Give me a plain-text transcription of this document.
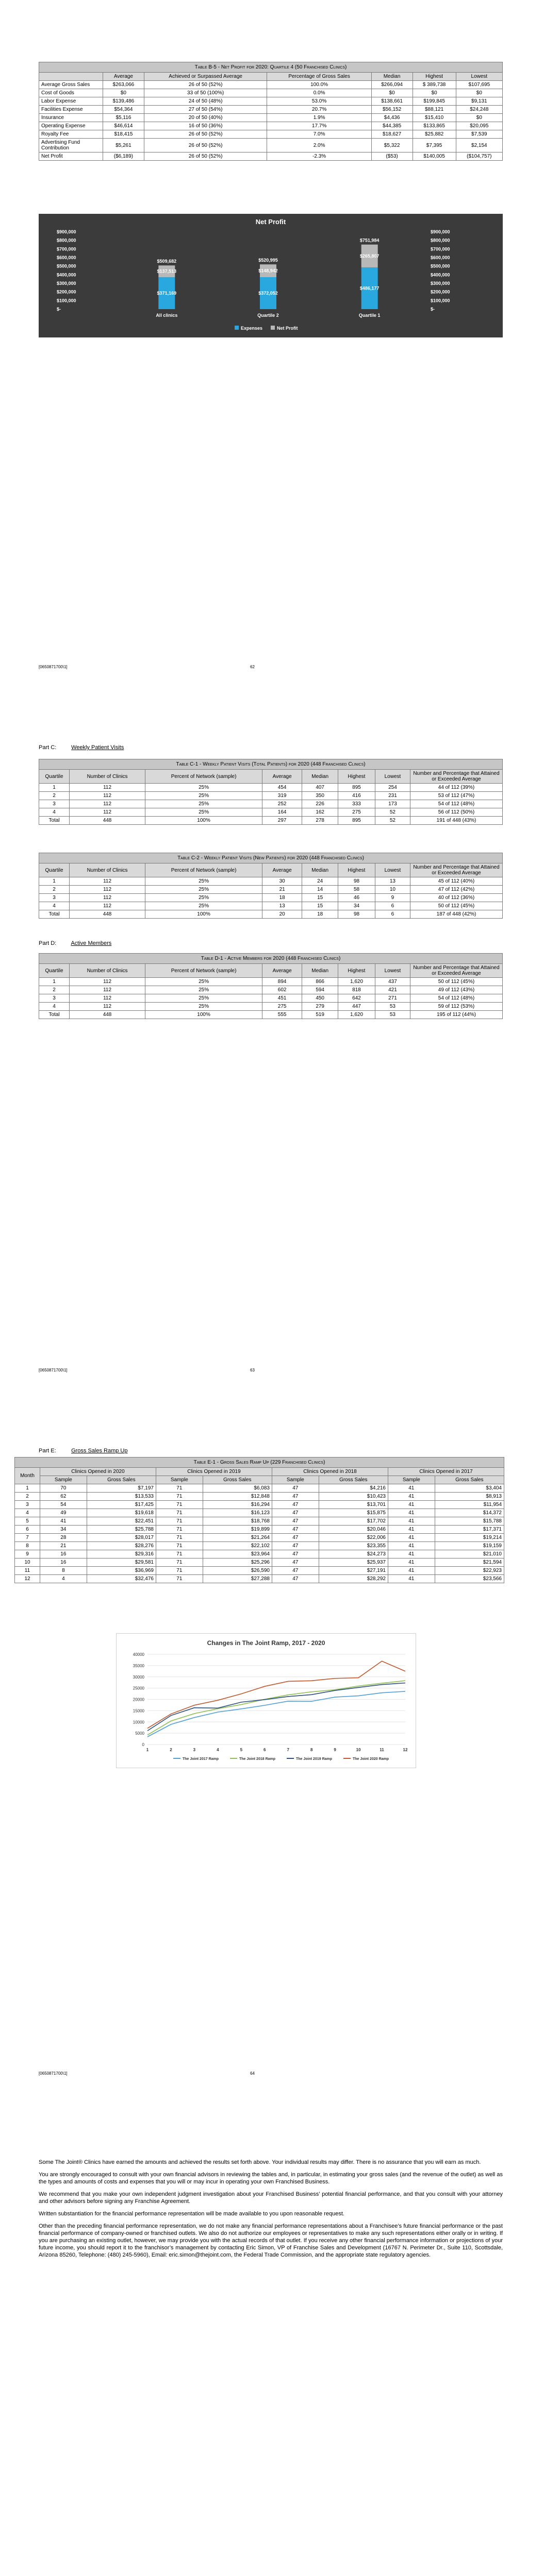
Table B-5 - Net Profit for 2020: Quartile 4 (50 Franchised Clinics)						
	Average	Achieved or Surpassed Average	Percentage of Gross Sales	Median	Highest	Lowest
Average Gross Sales	$263,066	26 of 50 (52%)	100.0%	$266,094	$ 389,738	$107,695
Cost of Goods	$0	33 of 50 (100%)	0.0%	$0	$0	$0
Labor Expense	$139,486	24 of 50 (48%)	53.0%	$138,661	$199,845	$9,131
Facilities Expense	$54,364	27 of 50 (54%)	20.7%	$56,152	$88,121	$24,248
Insurance	$5,116	20 of 50 (40%)	1.9%	$4,436	$15,410	$0
Operating Expense	$46,614	16 of 50 (36%)	17.7%	$44,385	$133,865	$20,095
Royalty Fee	$18,415	26 of 50 (52%)	7.0%	$18,627	$25,882	$7,539
Advertising Fund Contribution	$5,261	26 of 50 (52%)	2.0%	$5,322	$7,395	$2,154
Net Profit	($6,189)	26 of 50 (52%)	-2.3%	($53)	$140,005	($104,757)
Net Profit
$900,000	$900,000
$800,000	$800,000
$700,000	$700,000
$600,000	$600,000
$500,000	$500,000
$400,000	$400,000
$300,000	$300,000
$200,000	$200,000
$100,000	$100,000
$-	$-
$509,682
$137,513
$371,169
All clinics
$520,995
$148,942
$372,052
Quartile 2
$751,984
$265,807
$486,177
Quartile 1
Expenses	Net Profit
[0650871700\1]	62
Part C:	Weekly Patient Visits
Table C-1 - Weekly Patient Visits (Total Patients) for 2020 (448 Franchised Clinics)							
Quartile	Number of Clinics	Percent of Network (sample)	Average	Median	Highest	Lowest	Number and Percentage that Attained or Exceeded Average
1	112	25%	454	407	895	254	44 of 112 (39%)
2	112	25%	319	350	416	231	53 of 112 (47%)
3	112	25%	252	226	333	173	54 of 112 (48%)
4	112	25%	164	162	275	52	56 of 112 (50%)
Total	448	100%	297	278	895	52	191 of 448 (43%)
Table C-2 - Weekly Patient Visits (New Patients) for 2020 (448 Franchised Clinics)							
Quartile	Number of Clinics	Percent of Network (sample)	Average	Median	Highest	Lowest	Number and Percentage that Attained or Exceeded Average
1	112	25%	30	24	98	13	45 of 112 (40%)
2	112	25%	21	14	58	10	47 of 112 (42%)
3	112	25%	18	15	46	9	40 of 112 (36%)
4	112	25%	13	15	34	6	50 of 112 (45%)
Total	448	100%	20	18	98	6	187 of 448 (42%)
Part D:	Active Members
Table D-1 - Active Members for 2020 (448 Franchised Clinics)							
Quartile	Number of Clinics	Percent of Network (sample)	Average	Median	Highest	Lowest	Number and Percentage that Attained or Exceeded Average
1	112	25%	894	866	1,620	437	50 of 112 (45%)
2	112	25%	602	594	818	421	49 of 112 (43%)
3	112	25%	451	450	642	271	54 of 112 (48%)
4	112	25%	275	279	447	53	59 of 112 (53%)
Total	448	100%	555	519	1,620	53	195 of 112 (44%)
[0650871700\1]	63
Part E:	Gross Sales Ramp Up
Table E-1 - Gross Sales Ramp Up (229 Franchised Clinics)								
Month	Clinics Opened in 2020		Clinics Opened in 2019		Clinics Opened in 2018		Clinics Opened in 2017	
	Sample	Gross Sales	Sample	Gross Sales	Sample	Gross Sales	Sample	Gross Sales
1	70	$7,197	71	$6,083	47	$4,216	41	$3,404
2	62	$13,533	71	$12,848	47	$10,423	41	$8,913
3	54	$17,425	71	$16,294	47	$13,701	41	$11,954
4	49	$19,618	71	$16,123	47	$15,875	41	$14,372
5	41	$22,451	71	$18,768	47	$17,702	41	$15,788
6	34	$25,788	71	$19,899	47	$20,046	41	$17,371
7	28	$28,017	71	$21,264	47	$22,006	41	$19,214
8	21	$28,276	71	$22,102	47	$23,355	41	$19,159
9	16	$29,316	71	$23,964	47	$24,273	41	$21,010
10	16	$29,581	71	$25,296	47	$25,937	41	$21,594
11	8	$36,969	71	$26,590	47	$27,191	41	$22,923
12	4	$32,476	71	$27,288	47	$28,292	41	$23,566
Changes in The Joint Ramp, 2017 - 2020
40000
35000
30000
25000
20000
15000
10000
5000
0
1	2	3	4	5	6	7	8	9	10	11	12
The Joint 2017 Ramp	The Joint 2018 Ramp	The Joint 2019 Ramp	The Joint 2020 Ramp
[0650871700\1]	64

Some The Joint® Clinics have earned the amounts and achieved the results set forth above. Your individual results may differ. There is no assurance that you will earn as much.

You are strongly encouraged to consult with your own financial advisors in reviewing the tables and, in particular, in estimating your gross sales (and the revenue of the outlet) as well as the types and amounts of costs and expenses that you will or may incur in operating your own Franchised Business.

We recommend that you make your own independent judgment investigation about your Franchised Business’ potential financial performance, and that you consult with your attorney and other advisors before signing any Franchise Agreement.

Written substantiation for the financial performance representation will be made available to you upon reasonable request.

Other than the preceding financial performance representation, we do not make any financial performance representations about a Franchisee’s future financial performance or the past financial performance of company-owned or franchised outlets. We also do not authorize our employees or representatives to make any such representations either orally or in writing. If you are purchasing an existing outlet, however, we may provide you with the actual records of that outlet. If you receive any other financial performance information or projections of your future income, you should report it to the franchisor’s management by contacting Eric Simon, VP of Franchise Sales and Development (16767 N. Perimeter Dr., Suite 110, Scottsdale, Arizona 85260, Telephone: (480) 245-5960), Email: eric.simon@thejoint.com, the Federal Trade Commission, and the appropriate state regulatory agencies.
